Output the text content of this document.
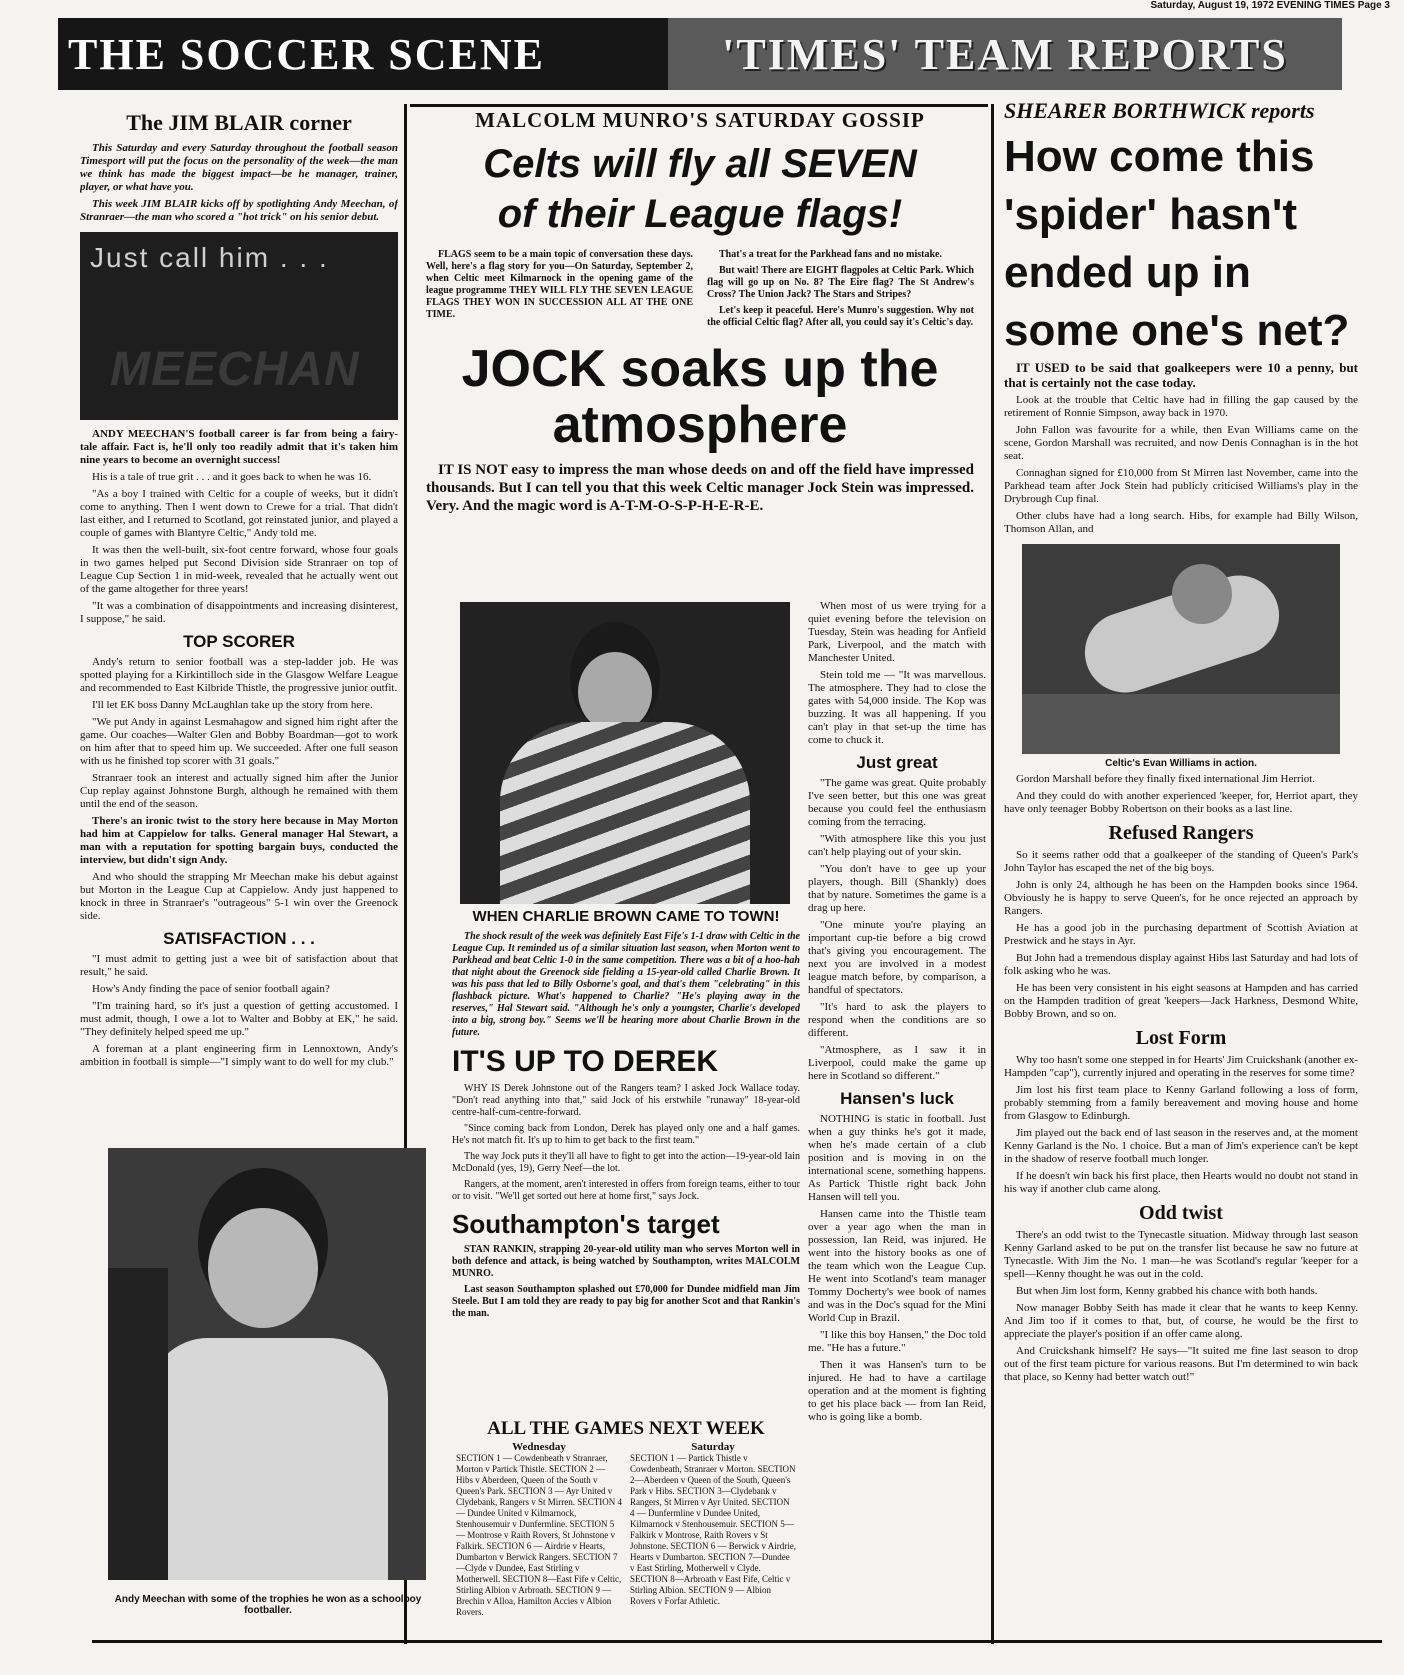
Saturday, August 19, 1972 EVENING TIMES Page 3
THE SOCCER SCENE	'TIMES' TEAM REPORTS
The JIM BLAIR corner

This Saturday and every Saturday throughout the football season Timesport will put the focus on the personality of the week—the man we think has made the biggest impact—be he manager, trainer, player, or what have you.

This week JIM BLAIR kicks off by spotlighting Andy Meechan, of Stranraer—the man who scored a "hot trick" on his senior debut.

Just call him . . .
MEECHAN

ANDY MEECHAN'S football career is far from being a fairy-tale affair. Fact is, he'll only too readily admit that it's taken him nine years to become an overnight success!

His is a tale of true grit . . . and it goes back to when he was 16.

"As a boy I trained with Celtic for a couple of weeks, but it didn't come to anything. Then I went down to Crewe for a trial. That didn't last either, and I returned to Scotland, got reinstated junior, and played a couple of games with Blantyre Celtic," Andy told me.

It was then the well-built, six-foot centre forward, whose four goals in two games helped put Second Division side Stranraer on top of League Cup Section 1 in mid-week, revealed that he actually went out of the game altogether for three years!

"It was a combination of disappointments and increasing disinterest, I suppose," he said.

TOP SCORER

Andy's return to senior football was a step-ladder job. He was spotted playing for a Kirkintilloch side in the Glasgow Welfare League and recommended to East Kilbride Thistle, the progressive junior outfit.

I'll let EK boss Danny McLaughlan take up the story from here.

"We put Andy in against Lesmahagow and signed him right after the game. Our coaches—Walter Glen and Bobby Boardman—got to work on him after that to speed him up. We succeeded. After one full season with us he finished top scorer with 31 goals."

Stranraer took an interest and actually signed him after the Junior Cup replay against Johnstone Burgh, although he remained with them until the end of the season.

There's an ironic twist to the story here because in May Morton had him at Cappielow for talks. General manager Hal Stewart, a man with a reputation for spotting bargain buys, conducted the interview, but didn't sign Andy.

And who should the strapping Mr Meechan make his debut against but Morton in the League Cup at Cappielow. Andy just happened to knock in three in Stranraer's "outrageous" 5-1 win over the Greenock side.

SATISFACTION . . .

"I must admit to getting just a wee bit of satisfaction about that result," he said.

How's Andy finding the pace of senior football again?

"I'm training hard, so it's just a question of getting accustomed. I must admit, though, I owe a lot to Walter and Bobby at EK," he said. "They definitely helped speed me up."

A foreman at a plant engineering firm in Lennoxtown, Andy's ambition in football is simple—"I simply want to do well for my club."

Andy Meechan with some of the trophies he won as a schoolboy footballer.
MALCOLM MUNRO'S SATURDAY GOSSIP
Celts will fly all SEVEN
of their League flags!

FLAGS seem to be a main topic of conversation these days. Well, here's a flag story for you—On Saturday, September 2, when Celtic meet Kilmarnock in the opening game of the league programme THEY WILL FLY THE SEVEN LEAGUE FLAGS THEY WON IN SUCCESSION ALL AT THE ONE TIME.

That's a treat for the Parkhead fans and no mistake.

But wait! There are EIGHT flagpoles at Celtic Park. Which flag will go up on No. 8? The Eire flag? The St Andrew's Cross? The Union Jack? The Stars and Stripes?

Let's keep it peaceful. Here's Munro's suggestion. Why not the official Celtic flag? After all, you could say it's Celtic's day.

JOCK soaks up the atmosphere

IT IS NOT easy to impress the man whose deeds on and off the field have impressed thousands. But I can tell you that this week Celtic manager Jock Stein was impressed. Very. And the magic word is A-T-M-O-S-P-H-E-R-E.

WHEN CHARLIE BROWN CAME TO TOWN!

The shock result of the week was definitely East Fife's 1-1 draw with Celtic in the League Cup. It reminded us of a similar situation last season, when Morton went to Parkhead and beat Celtic 1-0 in the same competition. There was a bit of a hoo-hah that night about the Greenock side fielding a 15-year-old called Charlie Brown. It was his pass that led to Billy Osborne's goal, and that's them "celebrating" in this flashback picture. What's happened to Charlie? "He's playing away in the reserves," Hal Stewart said. "Although he's only a youngster, Charlie's developed into a big, strong boy." Seems we'll be hearing more about Charlie Brown in the future.

IT'S UP TO DEREK

WHY IS Derek Johnstone out of the Rangers team? I asked Jock Wallace today. "Don't read anything into that," said Jock of his erstwhile "runaway" 18-year-old centre-half-cum-centre-forward.

"Since coming back from London, Derek has played only one and a half games. He's not match fit. It's up to him to get back to the first team."

The way Jock puts it they'll all have to fight to get into the action—19-year-old Iain McDonald (yes, 19), Gerry Neef—the lot.

Rangers, at the moment, aren't interested in offers from foreign teams, either to tour or to visit. "We'll get sorted out here at home first," says Jock.

Southampton's target

STAN RANKIN, strapping 20-year-old utility man who serves Morton well in both defence and attack, is being watched by Southampton, writes MALCOLM MUNRO.

Last season Southampton splashed out £70,000 for Dundee midfield man Jim Steele. But I am told they are ready to pay big for another Scot and that Rankin's the man.

When most of us were trying for a quiet evening before the television on Tuesday, Stein was heading for Anfield Park, Liverpool, and the match with Manchester United.

Stein told me — "It was marvellous. The atmosphere. They had to close the gates with 54,000 inside. The Kop was buzzing. It was all happening. If you can't play in that set-up the time has come to chuck it.

Just great

"The game was great. Quite probably I've seen better, but this one was great because you could feel the enthusiasm coming from the terracing.

"With atmosphere like this you just can't help playing out of your skin.

"You don't have to gee up your players, though. Bill (Shankly) does that by nature. Sometimes the game is a drag up here.

"One minute you're playing an important cup-tie before a big crowd that's giving you encouragement. The next you are involved in a modest league match before, by comparison, a handful of spectators.

"It's hard to ask the players to respond when the conditions are so different.

"Atmosphere, as I saw it in Liverpool, could make the game up here in Scotland so different."

Hansen's luck

NOTHING is static in football. Just when a guy thinks he's got it made, when he's made certain of a club position and is moving in on the international scene, something happens. As Partick Thistle right back John Hansen will tell you.

Hansen came into the Thistle team over a year ago when the man in possession, Ian Reid, was injured. He went into the history books as one of the team which won the League Cup. He went into Scotland's team manager Tommy Docherty's wee book of names and was in the Doc's squad for the Mini World Cup in Brazil.

"I like this boy Hansen," the Doc told me. "He has a future."

Then it was Hansen's turn to be injured. He had to have a cartilage operation and at the moment is fighting to get his place back — from Ian Reid, who is going like a bomb.

ALL THE GAMES NEXT WEEK
Wednesday
SECTION 1 — Cowdenbeath v Stranraer, Morton v Partick Thistle. SECTION 2 — Hibs v Aberdeen, Queen of the South v Queen's Park. SECTION 3 — Ayr United v Clydebank, Rangers v St Mirren. SECTION 4 — Dundee United v Kilmarnock, Stenhousemuir v Dunfermline. SECTION 5 — Montrose v Raith Rovers, St Johnstone v Falkirk. SECTION 6 — Airdrie v Hearts, Dumbarton v Berwick Rangers. SECTION 7—Clyde v Dundee, East Stirling v Motherwell. SECTION 8—East Fife v Celtic, Stirling Albion v Arbroath. SECTION 9 — Brechin v Alloa, Hamilton Accies v Albion Rovers.
Saturday
SECTION 1 — Partick Thistle v Cowdenbeath, Stranraer v Morton. SECTION 2—Aberdeen v Queen of the South, Queen's Park v Hibs. SECTION 3—Clydebank v Rangers, St Mirren v Ayr United. SECTION 4 — Dunfermline v Dundee United, Kilmarnock v Stenhousemuir. SECTION 5—Falkirk v Montrose, Raith Rovers v St Johnstone. SECTION 6 — Berwick v Airdrie, Hearts v Dumbarton. SECTION 7—Dundee v East Stirling, Motherwell v Clyde. SECTION 8—Arbroath v East Fife, Celtic v Stirling Albion. SECTION 9 — Albion Rovers v Forfar Athletic.
SHEARER BORTHWICK reports
How come this 'spider' hasn't ended up in some one's net?

IT USED to be said that goalkeepers were 10 a penny, but that is certainly not the case today.

Look at the trouble that Celtic have had in filling the gap caused by the retirement of Ronnie Simpson, away back in 1970.

John Fallon was favourite for a while, then Evan Williams came on the scene, Gordon Marshall was recruited, and now Denis Connaghan is in the hot seat.

Connaghan signed for £10,000 from St Mirren last November, came into the Parkhead team after Jock Stein had publicly criticised Williams's play in the Drybrough Cup final.

Other clubs have had a long search. Hibs, for example had Billy Wilson, Thomson Allan, and

Celtic's Evan Williams in action.

Gordon Marshall before they finally fixed international Jim Herriot.

And they could do with another experienced 'keeper, for, Herriot apart, they have only teenager Bobby Robertson on their books as a last line.

Refused Rangers

So it seems rather odd that a goalkeeper of the standing of Queen's Park's John Taylor has escaped the net of the big boys.

John is only 24, although he has been on the Hampden books since 1964. Obviously he is happy to serve Queen's, for he once rejected an approach by Rangers.

He has a good job in the purchasing department of Scottish Aviation at Prestwick and he stays in Ayr.

But John had a tremendous display against Hibs last Saturday and had lots of folk asking who he was.

He has been very consistent in his eight seasons at Hampden and has carried on the Hampden tradition of great 'keepers—Jack Harkness, Desmond White, Bobby Brown, and so on.

Lost Form

Why too hasn't some one stepped in for Hearts' Jim Cruickshank (another ex-Hampden "cap"), currently injured and operating in the reserves for some time?

Jim lost his first team place to Kenny Garland following a loss of form, probably stemming from a family bereavement and moving house and home from Glasgow to Edinburgh.

Jim played out the back end of last season in the reserves and, at the moment Kenny Garland is the No. 1 choice. But a man of Jim's experience can't be kept in the shadow of reserve football much longer.

If he doesn't win back his first place, then Hearts would no doubt not stand in his way if another club came along.

Odd twist

There's an odd twist to the Tynecastle situation. Midway through last season Kenny Garland asked to be put on the transfer list because he saw no future at Tynecastle. With Jim the No. 1 man—he was Scotland's regular 'keeper for a spell—Kenny thought he was out in the cold.

But when Jim lost form, Kenny grabbed his chance with both hands.

Now manager Bobby Seith has made it clear that he wants to keep Kenny. And Jim too if it comes to that, but, of course, he would be the first to appreciate the player's position if an offer came along.

And Cruickshank himself? He says—"It suited me fine last season to drop out of the first team picture for various reasons. But I'm determined to win back that place, so Kenny had better watch out!"
